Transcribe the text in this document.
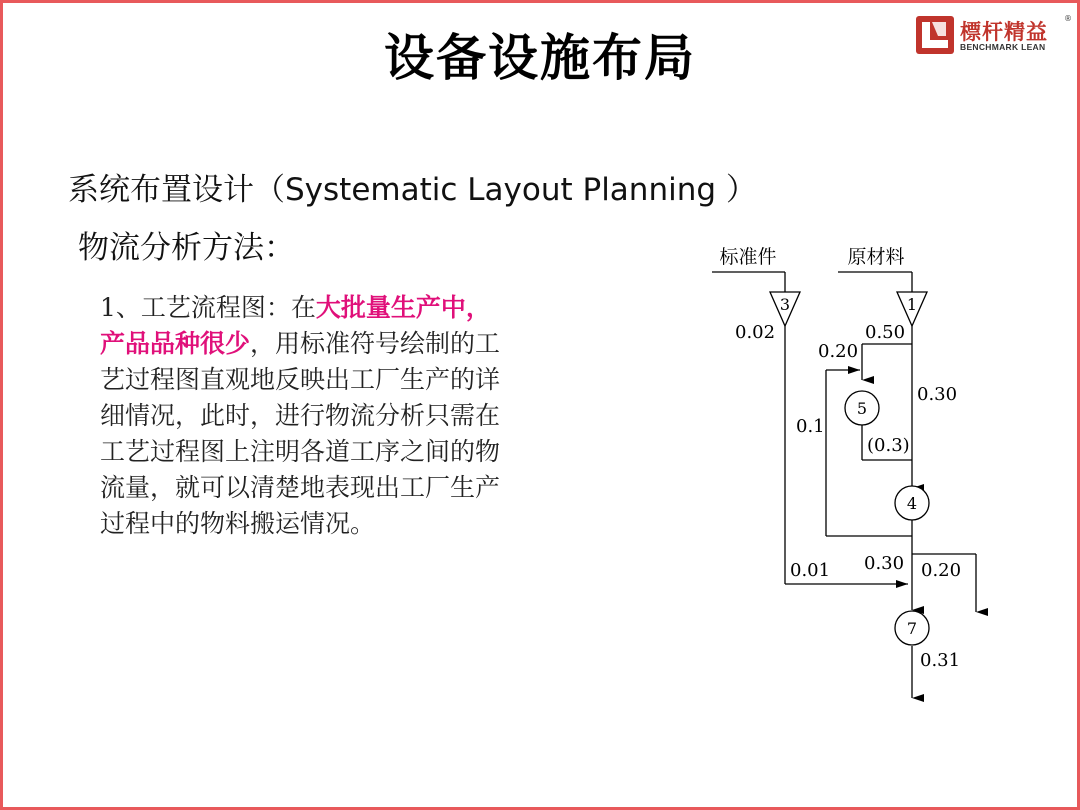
设备设施布局	標杆精益
®
BENCHMARK LEAN
系统布置设计（Systematic Layout Planning ）
物流分析方法：
1、工艺流程图：在大批量生产中，
产品品种很少，用标准符号绘制的工
艺过程图直观地反映出工厂生产的详
细情况，此时，进行物流分析只需在
工艺过程图上注明各道工序之间的物
流量，就可以清楚地表现出工厂生产
过程中的物料搬运情况。
标准件	原材料
3	1
5
4
7
0.02	0.50
0.20
0.30
0.1
(0.3)
0.01 0.30 0.20
0.31
